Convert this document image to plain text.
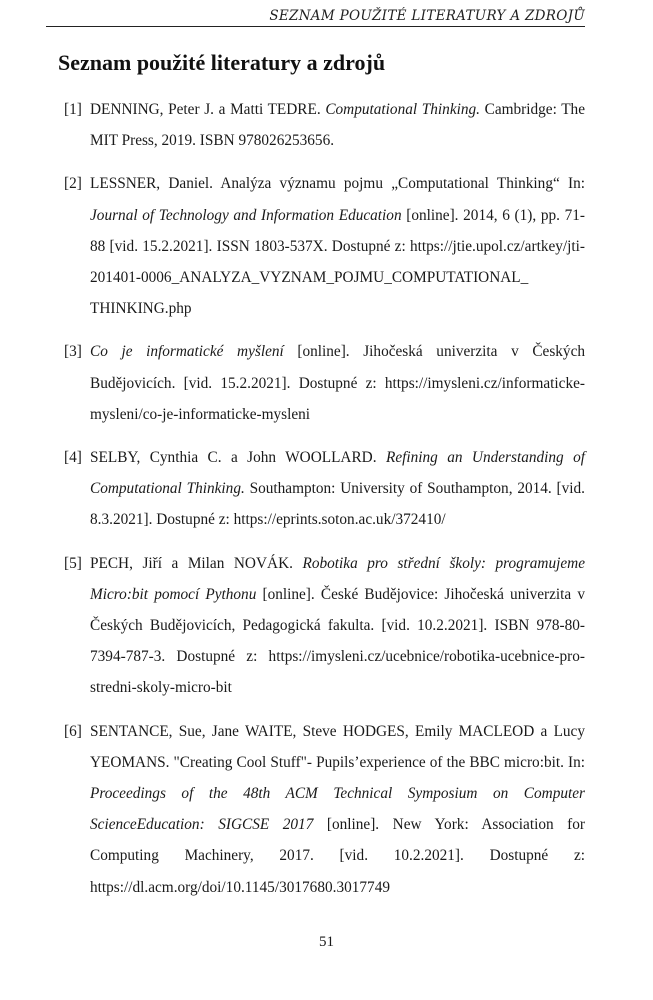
SEZNAM POUŽITÉ LITERATURY A ZDROJŮ
Seznam použité literatury a zdrojů
[1] DENNING, Peter J. a Matti TEDRE. Computational Thinking. Cambridge: The MIT Press, 2019. ISBN 978026253656.
[2] LESSNER, Daniel. Analýza významu pojmu „Computational Thinking“ In: Journal of Technology and Information Education [online]. 2014, 6 (1), pp. 71-88 [vid. 15.2.2021]. ISSN 1803-537X. Dostupné z: https://jtie.upol.cz/artkey/jti-201401-0006_ANALYZA_VYZNAM_POJMU_COMPUTATIONAL_ THINKING.php
[3] Co je informatické myšlení [online]. Jihočeská univerzita v Českých Budějovicích. [vid. 15.2.2021]. Dostupné z: https://imysleni.cz/informaticke-mysleni/co-je-informaticke-mysleni
[4] SELBY, Cynthia C. a John WOOLLARD. Refining an Understanding of Computational Thinking. Southampton: University of Southampton, 2014. [vid. 8.3.2021]. Dostupné z: https://eprints.soton.ac.uk/372410/
[5] PECH, Jiří a Milan NOVÁK. Robotika pro střední školy: programujeme Micro:bit pomocí Pythonu [online]. České Budějovice: Jihočeská univerzita v Českých Budějovicích, Pedagogická fakulta. [vid. 10.2.2021]. ISBN 978-80-7394-787-3. Dostupné z: https://imysleni.cz/ucebnice/robotika-ucebnice-pro-stredni-skoly-micro-bit
[6] SENTANCE, Sue, Jane WAITE, Steve HODGES, Emily MACLEOD a Lucy YEOMANS. "Creating Cool Stuff"- Pupils’experience of the BBC micro:bit. In: Proceedings of the 48th ACM Technical Symposium on Computer ScienceEducation: SIGCSE 2017 [online]. New York: Association for Computing Machinery, 2017. [vid. 10.2.2021]. Dostupné z: https://dl.acm.org/doi/10.1145/3017680.3017749
51
